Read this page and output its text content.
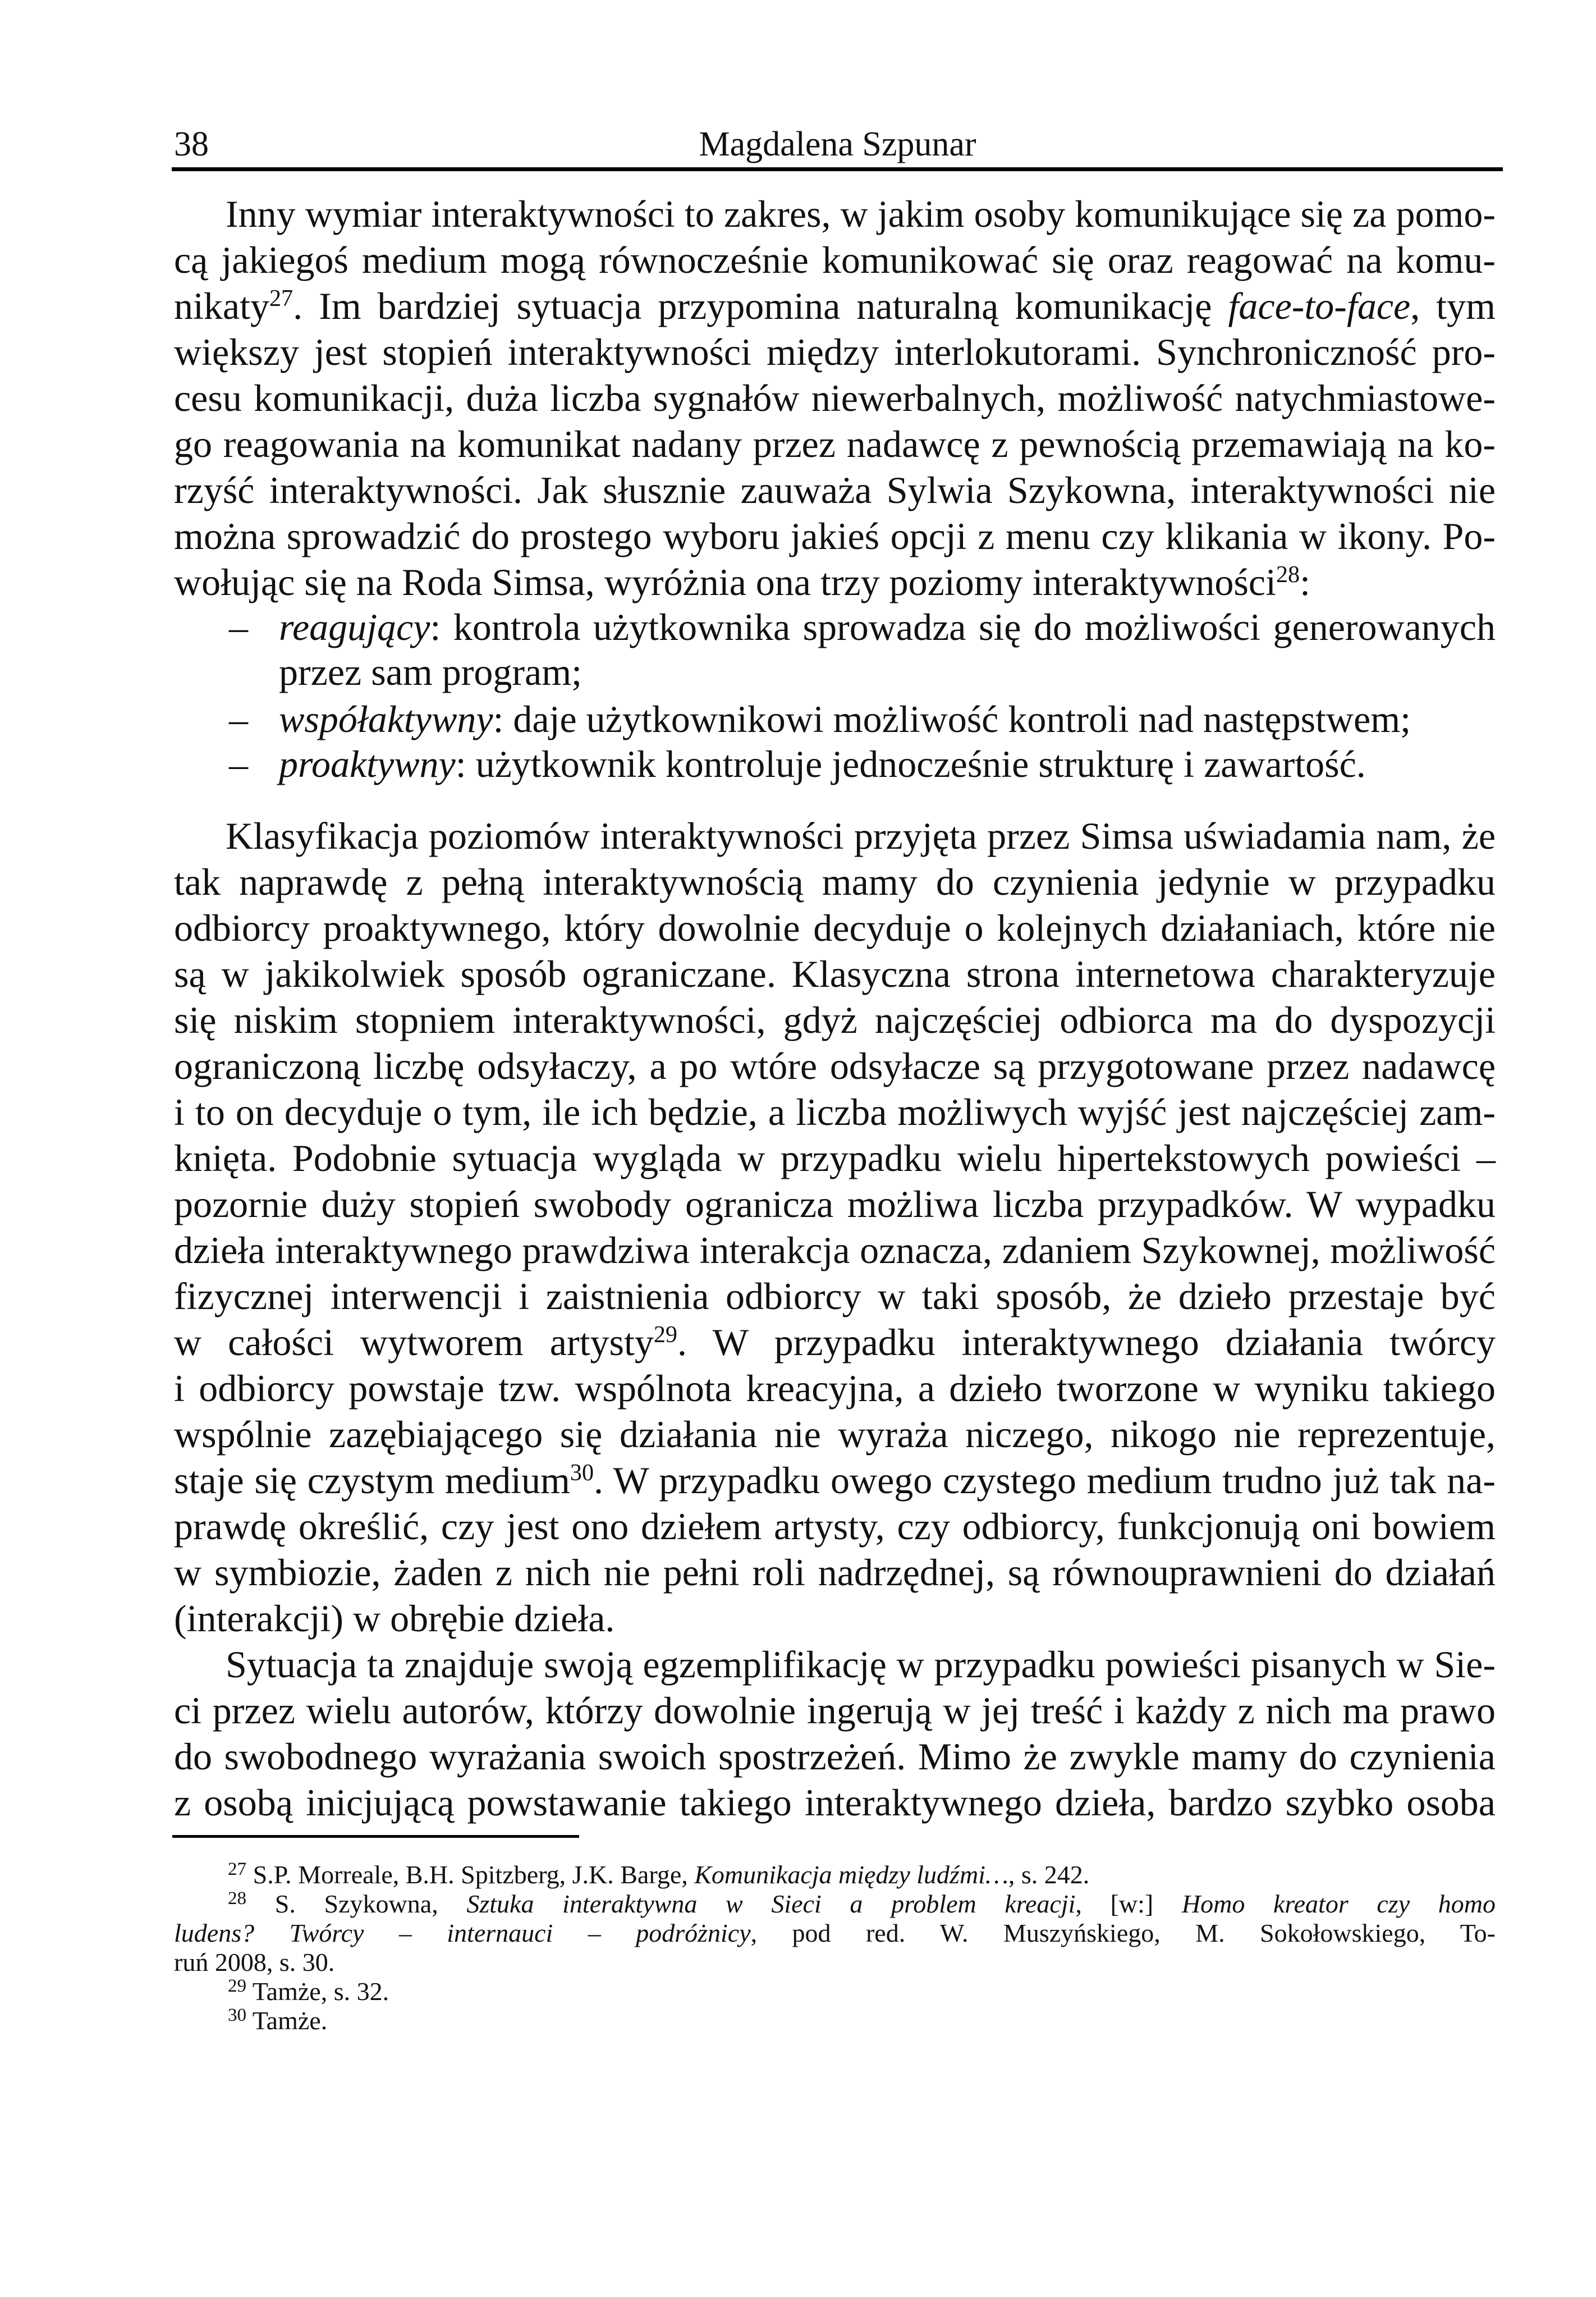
38	Magdalena Szpunar
Inny wymiar interaktywności to zakres, w jakim osoby komunikujące się za pomo-
cą jakiegoś medium mogą równocześnie komunikować się oraz reagować na komu-
nikaty$^{27}$. Im bardziej sytuacja przypomina naturalną komunikację face-to-face, tym
większy jest stopień interaktywności między interlokutorami. Synchroniczność pro-
cesu komunikacji, duża liczba sygnałów niewerbalnych, możliwość natychmiastowe-
go reagowania na komunikat nadany przez nadawcę z pewnością przemawiają na ko-
rzyść interaktywności. Jak słusznie zauważa Sylwia Szykowna, interaktywności nie
można sprowadzić do prostego wyboru jakieś opcji z menu czy klikania w ikony. Po-
wołując się na Roda Simsa, wyróżnia ona trzy poziomy interaktywności$^{28}$:
– reagujący: kontrola użytkownika sprowadza się do możliwości generowanych
przez sam program;
– współaktywny: daje użytkownikowi możliwość kontroli nad następstwem;
– proaktywny: użytkownik kontroluje jednocześnie strukturę i zawartość.
Klasyfikacja poziomów interaktywności przyjęta przez Simsa uświadamia nam, że
tak naprawdę z pełną interaktywnością mamy do czynienia jedynie w przypadku
odbiorcy proaktywnego, który dowolnie decyduje o kolejnych działaniach, które nie
są w jakikolwiek sposób ograniczane. Klasyczna strona internetowa charakteryzuje
się niskim stopniem interaktywności, gdyż najczęściej odbiorca ma do dyspozycji
ograniczoną liczbę odsyłaczy, a po wtóre odsyłacze są przygotowane przez nadawcę
i to on decyduje o tym, ile ich będzie, a liczba możliwych wyjść jest najczęściej zam-
knięta. Podobnie sytuacja wygląda w przypadku wielu hipertekstowych powieści –
pozornie duży stopień swobody ogranicza możliwa liczba przypadków. W wypadku
dzieła interaktywnego prawdziwa interakcja oznacza, zdaniem Szykownej, możliwość
fizycznej interwencji i zaistnienia odbiorcy w taki sposób, że dzieło przestaje być
w całości wytworem artysty$^{29}$. W przypadku interaktywnego działania twórcy
i odbiorcy powstaje tzw. wspólnota kreacyjna, a dzieło tworzone w wyniku takiego
wspólnie zazębiającego się działania nie wyraża niczego, nikogo nie reprezentuje,
staje się czystym medium$^{30}$. W przypadku owego czystego medium trudno już tak na-
prawdę określić, czy jest ono dziełem artysty, czy odbiorcy, funkcjonują oni bowiem
w symbiozie, żaden z nich nie pełni roli nadrzędnej, są równouprawnieni do działań
(interakcji) w obrębie dzieła.
Sytuacja ta znajduje swoją egzemplifikację w przypadku powieści pisanych w Sie-
ci przez wielu autorów, którzy dowolnie ingerują w jej treść i każdy z nich ma prawo
do swobodnego wyrażania swoich spostrzeżeń. Mimo że zwykle mamy do czynienia
z osobą inicjującą powstawanie takiego interaktywnego dzieła, bardzo szybko osoba
$^{27}$ S.P. Morreale, B.H. Spitzberg, J.K. Barge, Komunikacja między ludźmi…, s. 242.
$^{28}$ S. Szykowna, Sztuka interaktywna w Sieci a problem kreacji, [w:] Homo kreator czy homo
ludens? Twórcy – internauci – podróżnicy, pod red. W. Muszyńskiego, M. Sokołowskiego, To-
ruń 2008, s. 30.
$^{29}$ Tamże, s. 32.
$^{30}$ Tamże.
